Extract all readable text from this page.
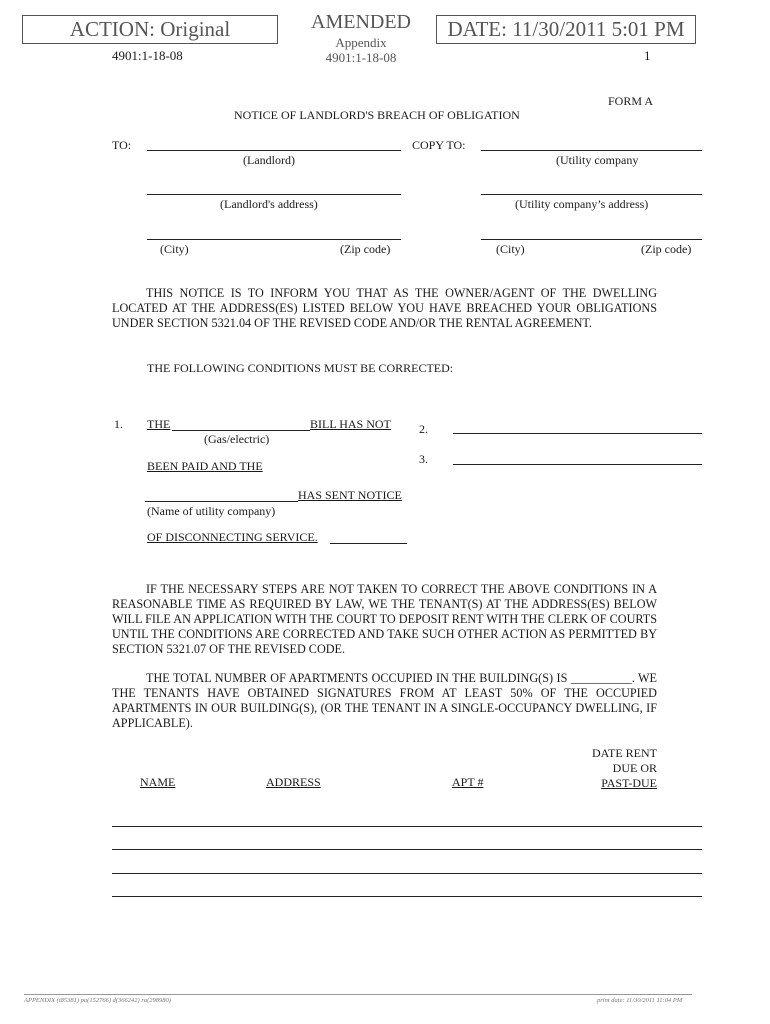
ACTION: Original
4901:1-18-08
AMENDED
Appendix
4901:1-18-08
DATE: 11/30/2011 5:01 PM
1
FORM A
NOTICE OF LANDLORD'S BREACH OF OBLIGATION
TO:	COPY TO:
(Landlord)	(Utility company
(Landlord's address)	(Utility company’s address)
(City)	(Zip code)	(City)	(Zip code)
THIS NOTICE IS TO INFORM YOU THAT AS THE OWNER/AGENT OF THE DWELLING LOCATED AT THE ADDRESS(ES) LISTED BELOW YOU HAVE BREACHED YOUR OBLIGATIONS UNDER SECTION 5321.04 OF THE REVISED CODE AND/OR THE RENTAL AGREEMENT.
THE FOLLOWING CONDITIONS MUST BE CORRECTED:
1. THE	BILL HAS NOT
(Gas/electric)
BEEN PAID AND THE
HAS SENT NOTICE
(Name of utility company)
OF DISCONNECTING SERVICE.
2.
3.
IF THE NECESSARY STEPS ARE NOT TAKEN TO CORRECT THE ABOVE CONDITIONS IN A REASONABLE TIME AS REQUIRED BY LAW, WE THE TENANT(S) AT THE ADDRESS(ES) BELOW WILL FILE AN APPLICATION WITH THE COURT TO DEPOSIT RENT WITH THE CLERK OF COURTS UNTIL THE CONDITIONS ARE CORRECTED AND TAKE SUCH OTHER ACTION AS PERMITTED BY SECTION 5321.07 OF THE REVISED CODE.
THE TOTAL NUMBER OF APARTMENTS OCCUPIED IN THE BUILDING(S) IS __________. WE THE TENANTS HAVE OBTAINED SIGNATURES FROM AT LEAST 50% OF THE OCCUPIED APARTMENTS IN OUR BUILDING(S), (OR THE TENANT IN A SINGLE-OCCUPANCY DWELLING, IF APPLICABLE).
NAME	ADDRESS	APT #
DATE RENT
DUE OR
PAST-DUE
APPENDIX (t85381) pa(152766) d(366242) ra(298980)	print date: 11/30/2011 11:04 PM
